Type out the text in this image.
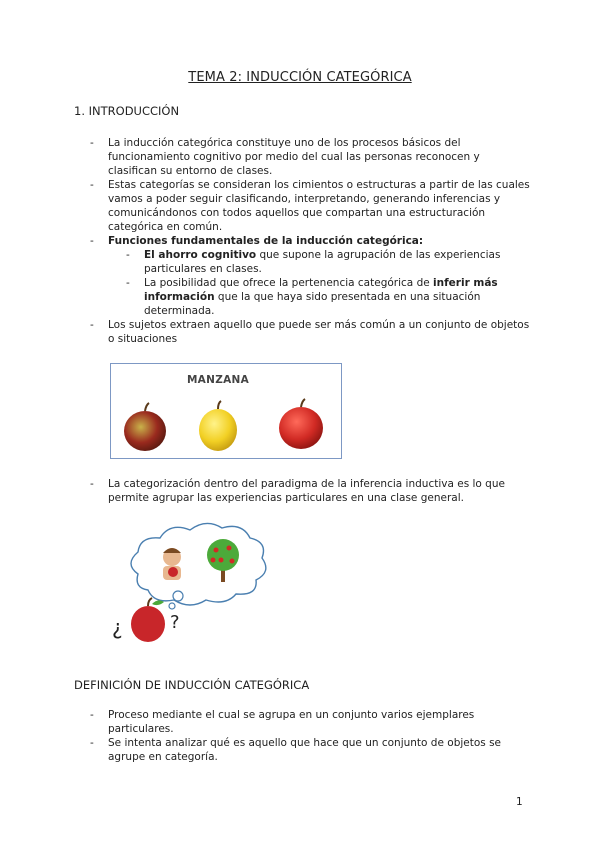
TEMA 2: INDUCCIÓN CATEGÓRICA
1. INTRODUCCIÓN
- La inducción categórica constituye uno de los procesos básicos del funcionamiento cognitivo por medio del cual las personas reconocen y clasifican su entorno de clases.
- Estas categorías se consideran los cimientos o estructuras a partir de las cuales vamos a poder seguir clasificando, interpretando, generando inferencias y comunicándonos con todos aquellos que compartan una estructuración categórica en común.
- Funciones fundamentales de la inducción categórica:
- El ahorro cognitivo que supone la agrupación de las experiencias particulares en clases.
- La posibilidad que ofrece la pertenencia categórica de inferir más información que la que haya sido presentada en una situación determinada.
- Los sujetos extraen aquello que puede ser más común a un conjunto de objetos o situaciones
MANZANA
- La categorización dentro del paradigma de la inferencia inductiva es lo que permite agrupar las experiencias particulares en una clase general.
¿	?
DEFINICIÓN DE INDUCCIÓN CATEGÓRICA
- Proceso mediante el cual se agrupa en un conjunto varios ejemplares particulares.
- Se intenta analizar qué es aquello que hace que un conjunto de objetos se agrupe en categoría.
1
